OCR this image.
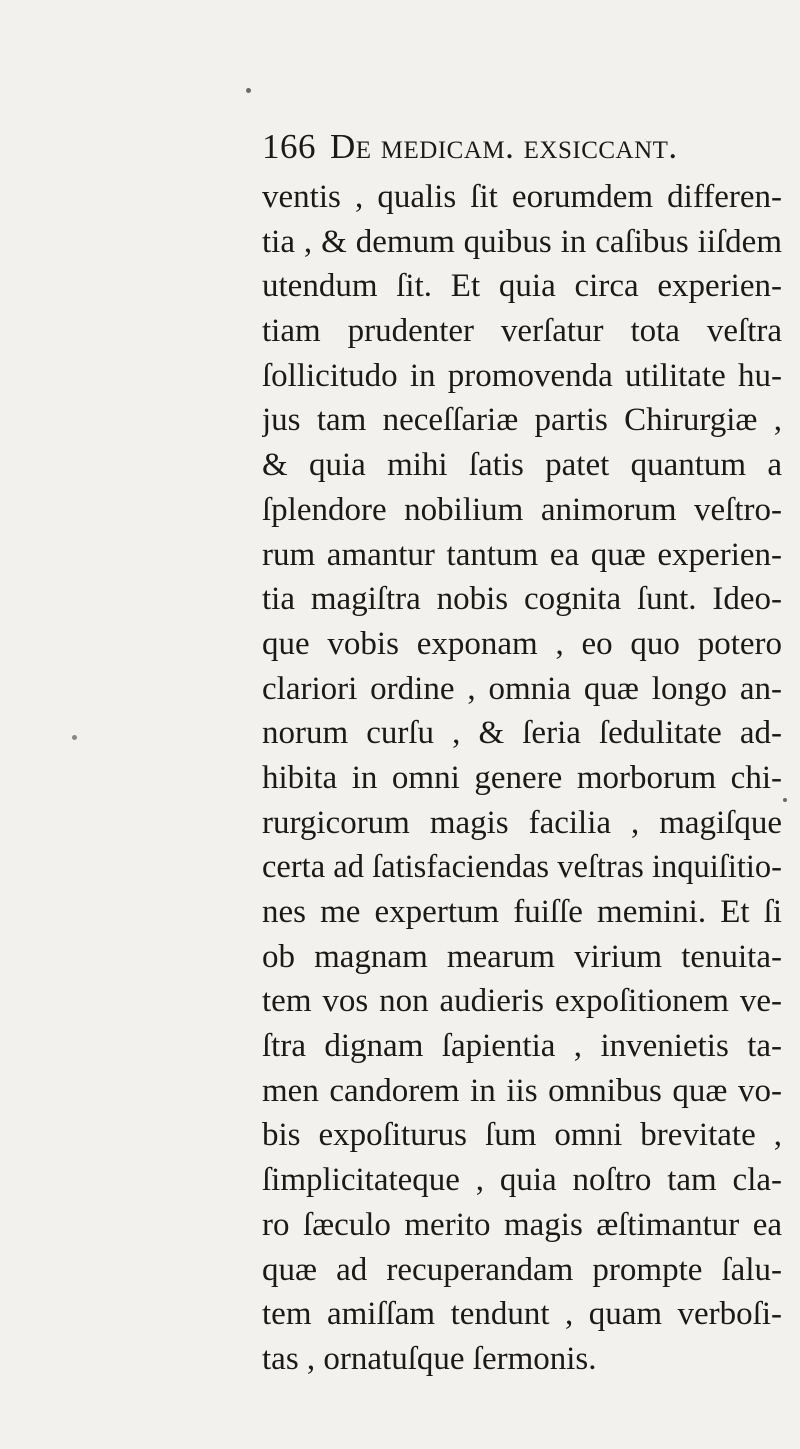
166 De medicam. exsiccant.
ventis , qualis ſit eorumdem differen-
tia , & demum quibus in caſibus iiſdem
utendum ſit. Et quia circa experien-
tiam prudenter verſatur tota veſtra
ſollicitudo in promovenda utilitate hu-
jus tam neceſſariæ partis Chirurgiæ ,
& quia mihi ſatis patet quantum a
ſplendore nobilium animorum veſtro-
rum amantur tantum ea quæ experien-
tia magiſtra nobis cognita ſunt. Ideo-
que vobis exponam , eo quo potero
clariori ordine , omnia quæ longo an-
norum curſu , & ſeria ſedulitate ad-
hibita in omni genere morborum chi-
rurgicorum magis facilia , magiſque
certa ad ſatisfaciendas veſtras inquiſitio-
nes me expertum fuiſſe memini. Et ſi
ob magnam mearum virium tenuita-
tem vos non audieris expoſitionem ve-
ſtra dignam ſapientia , invenietis ta-
men candorem in iis omnibus quæ vo-
bis expoſiturus ſum omni brevitate ,
ſimplicitateque , quia noſtro tam cla-
ro ſæculo merito magis æſtimantur ea
quæ ad recuperandam prompte ſalu-
tem amiſſam tendunt , quam verboſi-
tas , ornatuſque ſermonis.
